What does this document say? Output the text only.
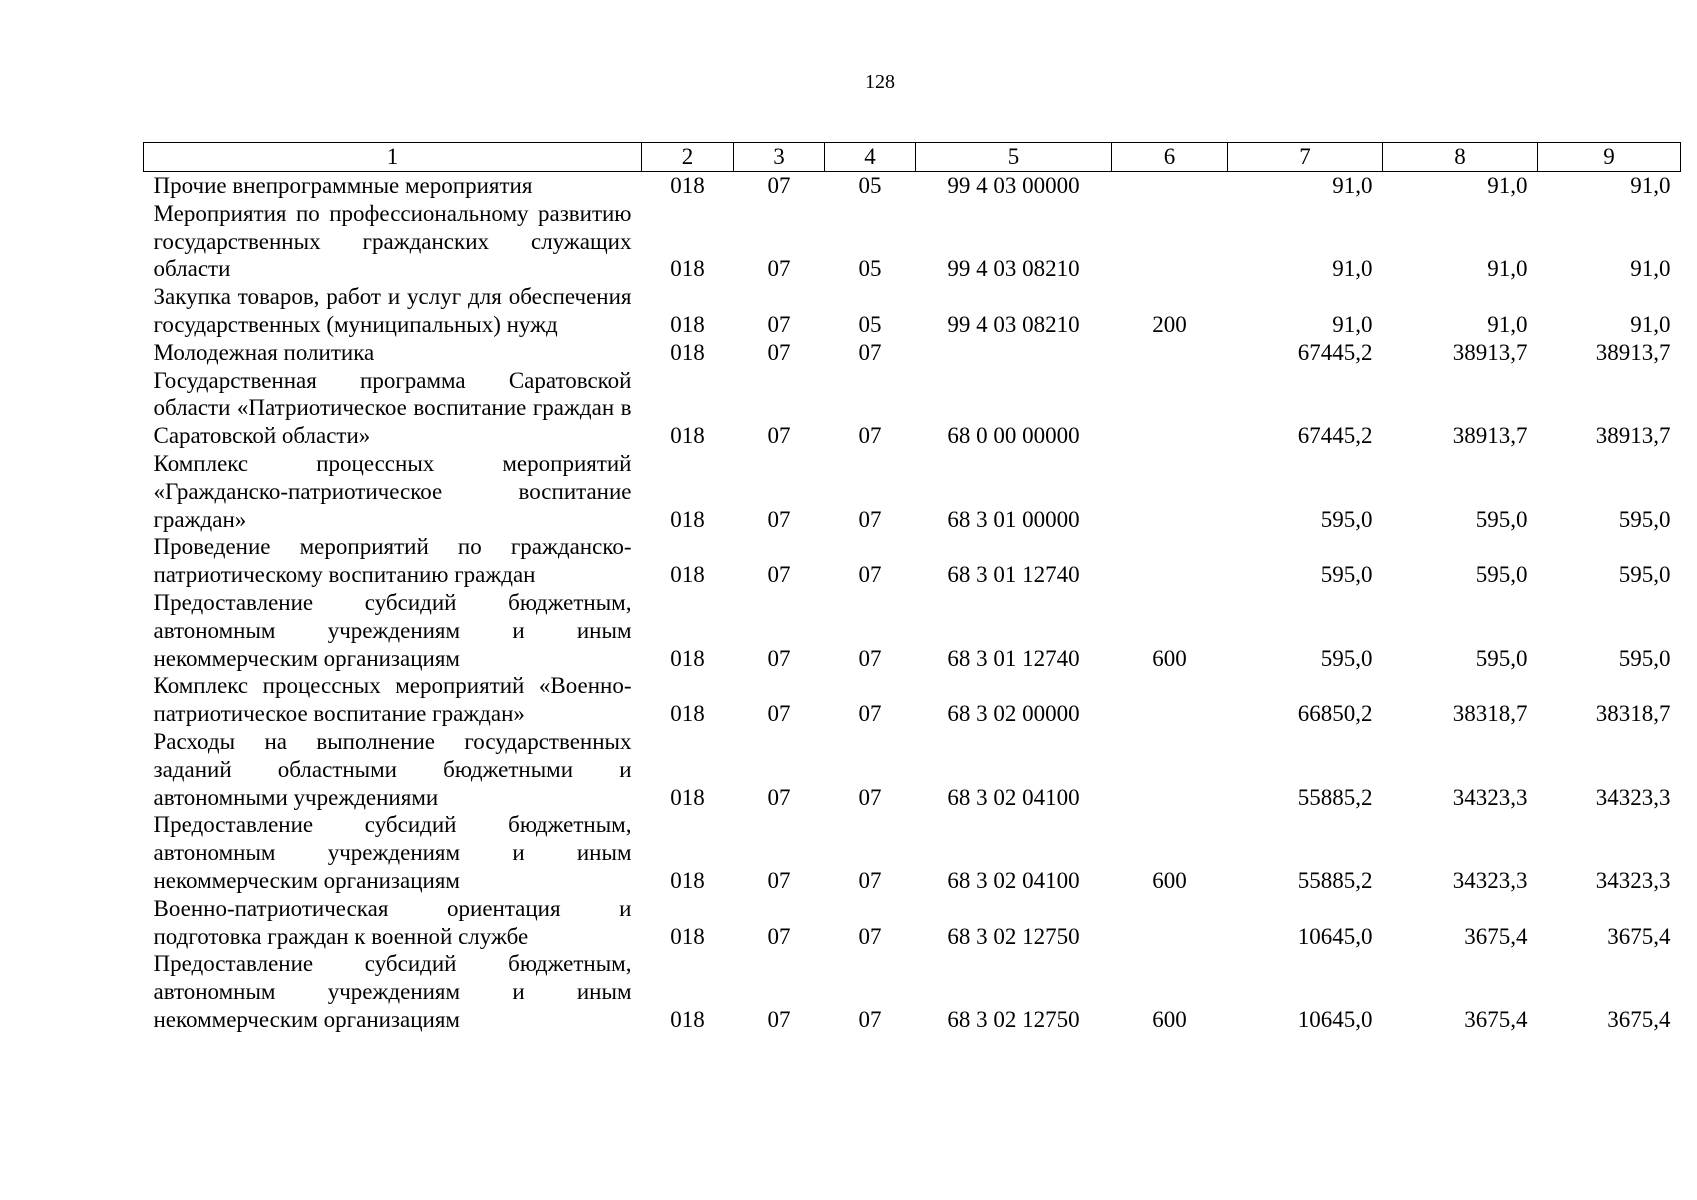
128
1	2	3	4	5	6	7	8	9
Прочие внепрограммные мероприятия	018	07	05	99 4 03 00000		91,0	91,0	91,0
Мероприятия по профессиональному развитию государственных гражданских служащих области	018	07	05	99 4 03 08210		91,0	91,0	91,0
Закупка товаров, работ и услуг для обеспечения государственных (муниципальных) нужд	018	07	05	99 4 03 08210	200	91,0	91,0	91,0
Молодежная политика	018	07	07			67445,2	38913,7	38913,7
Государственная программа Саратовской области «Патриотическое воспитание граждан в Саратовской области»	018	07	07	68 0 00 00000		67445,2	38913,7	38913,7
Комплекс процессных мероприятий «Гражданско-патриотическое воспитание граждан»	018	07	07	68 3 01 00000		595,0	595,0	595,0
Проведение мероприятий по гражданско-патриотическому воспитанию граждан	018	07	07	68 3 01 12740		595,0	595,0	595,0
Предоставление субсидий бюджетным, автономным учреждениям и иным некоммерческим организациям	018	07	07	68 3 01 12740	600	595,0	595,0	595,0
Комплекс процессных мероприятий «Военно-патриотическое воспитание граждан»	018	07	07	68 3 02 00000		66850,2	38318,7	38318,7
Расходы на выполнение государственных заданий областными бюджетными и автономными учреждениями	018	07	07	68 3 02 04100		55885,2	34323,3	34323,3
Предоставление субсидий бюджетным, автономным учреждениям и иным некоммерческим организациям	018	07	07	68 3 02 04100	600	55885,2	34323,3	34323,3
Военно-патриотическая ориентация и подготовка граждан к военной службе	018	07	07	68 3 02 12750		10645,0	3675,4	3675,4
Предоставление субсидий бюджетным, автономным учреждениям и иным некоммерческим организациям	018	07	07	68 3 02 12750	600	10645,0	3675,4	3675,4
